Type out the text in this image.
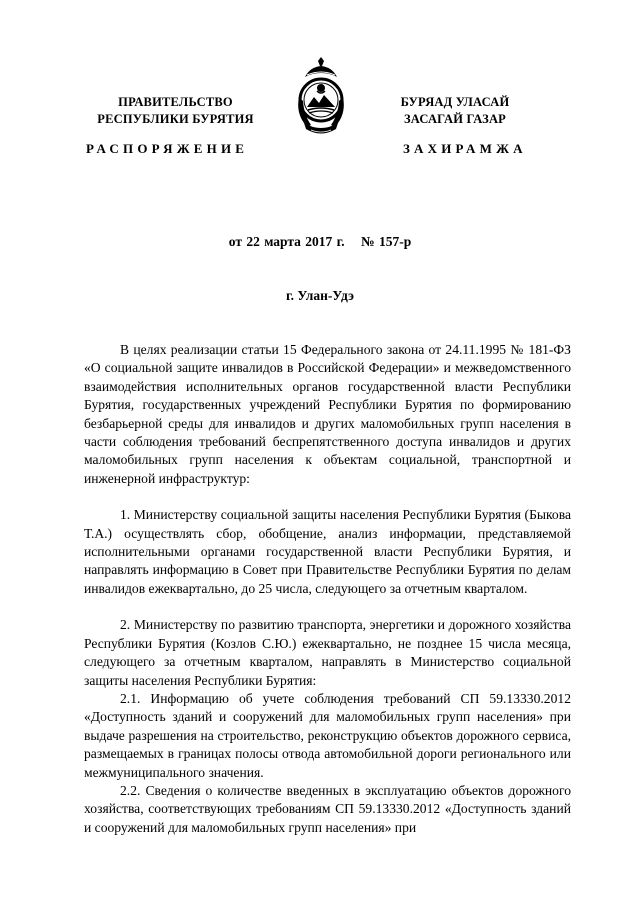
ПРАВИТЕЛЬСТВО
РЕСПУБЛИКИ БУРЯТИЯ
БУРЯАД УЛАСАЙ
ЗАСАГАЙ ГАЗАР
РАСПОРЯЖЕНИЕ	ЗАХИРАМЖА
от 22 марта 2017 г. № 157-р
г. Улан-Удэ

В целях реализации статьи 15 Федерального закона от 24.11.1995 № 181-ФЗ «О социальной защите инвалидов в Российской Федерации» и межведомственного взаимодействия исполнительных органов государственной власти Республики Бурятия, государственных учреждений Республики Бурятия по формированию безбарьерной среды для инвалидов и других маломобильных групп населения в части соблюдения требований беспрепятственного доступа инвалидов и других маломобильных групп населения к объектам социальной, транспортной и инженерной инфраструктур:

1. Министерству социальной защиты населения Республики Бурятия (Быкова Т.А.) осуществлять сбор, обобщение, анализ информации, представляемой исполнительными органами государственной власти Республики Бурятия, и направлять информацию в Совет при Правительстве Республики Бурятия по делам инвалидов ежеквартально, до 25 числа, следующего за отчетным кварталом.

2. Министерству по развитию транспорта, энергетики и дорожного хозяйства Республики Бурятия (Козлов С.Ю.) ежеквартально, не позднее 15 числа месяца, следующего за отчетным кварталом, направлять в Министерство социальной защиты населения Республики Бурятия:

2.1. Информацию об учете соблюдения требований СП 59.13330.2012 «Доступность зданий и сооружений для маломобильных групп населения» при выдаче разрешения на строительство, реконструкцию объектов дорожного сервиса, размещаемых в границах полосы отвода автомобильной дороги регионального или межмуниципального значения.

2.2. Сведения о количестве введенных в эксплуатацию объектов дорожного хозяйства, соответствующих требованиям СП 59.13330.2012 «Доступность зданий и сооружений для маломобильных групп населения» при
